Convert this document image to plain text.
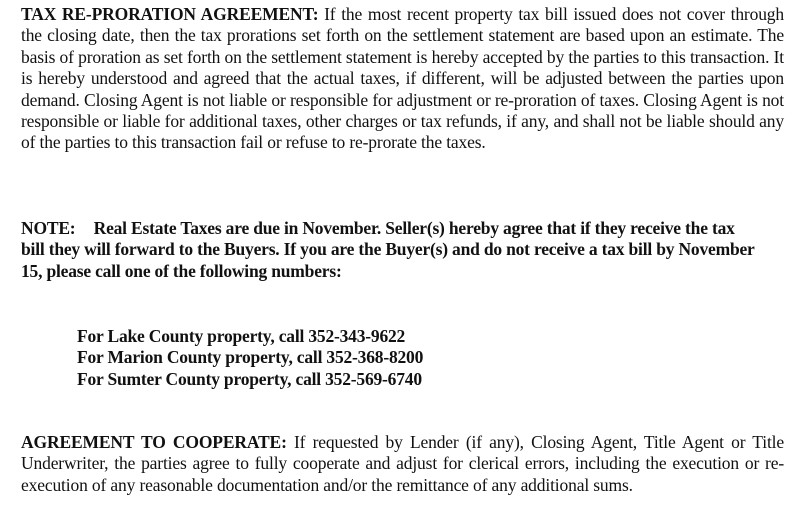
TAX RE-PRORATION AGREEMENT: If the most recent property tax bill issued does not cover through the closing date, then the tax prorations set forth on the settlement statement are based upon an estimate. The basis of proration as set forth on the settlement statement is hereby accepted by the parties to this transaction. It is hereby understood and agreed that the actual taxes, if different, will be adjusted between the parties upon demand. Closing Agent is not liable or responsible for adjustment or re-proration of taxes. Closing Agent is not responsible or liable for additional taxes, other charges or tax refunds, if any, and shall not be liable should any of the parties to this transaction fail or refuse to re-prorate the taxes.

NOTE: Real Estate Taxes are due in November. Seller(s) hereby agree that if they receive the tax bill they will forward to the Buyers. If you are the Buyer(s) and do not receive a tax bill by November 15, please call one of the following numbers:

For Lake County property, call 352-343-9622
For Marion County property, call 352-368-8200
For Sumter County property, call 352-569-6740

AGREEMENT TO COOPERATE: If requested by Lender (if any), Closing Agent, Title Agent or Title Underwriter, the parties agree to fully cooperate and adjust for clerical errors, including the execution or re-execution of any reasonable documentation and/or the remittance of any additional sums.
